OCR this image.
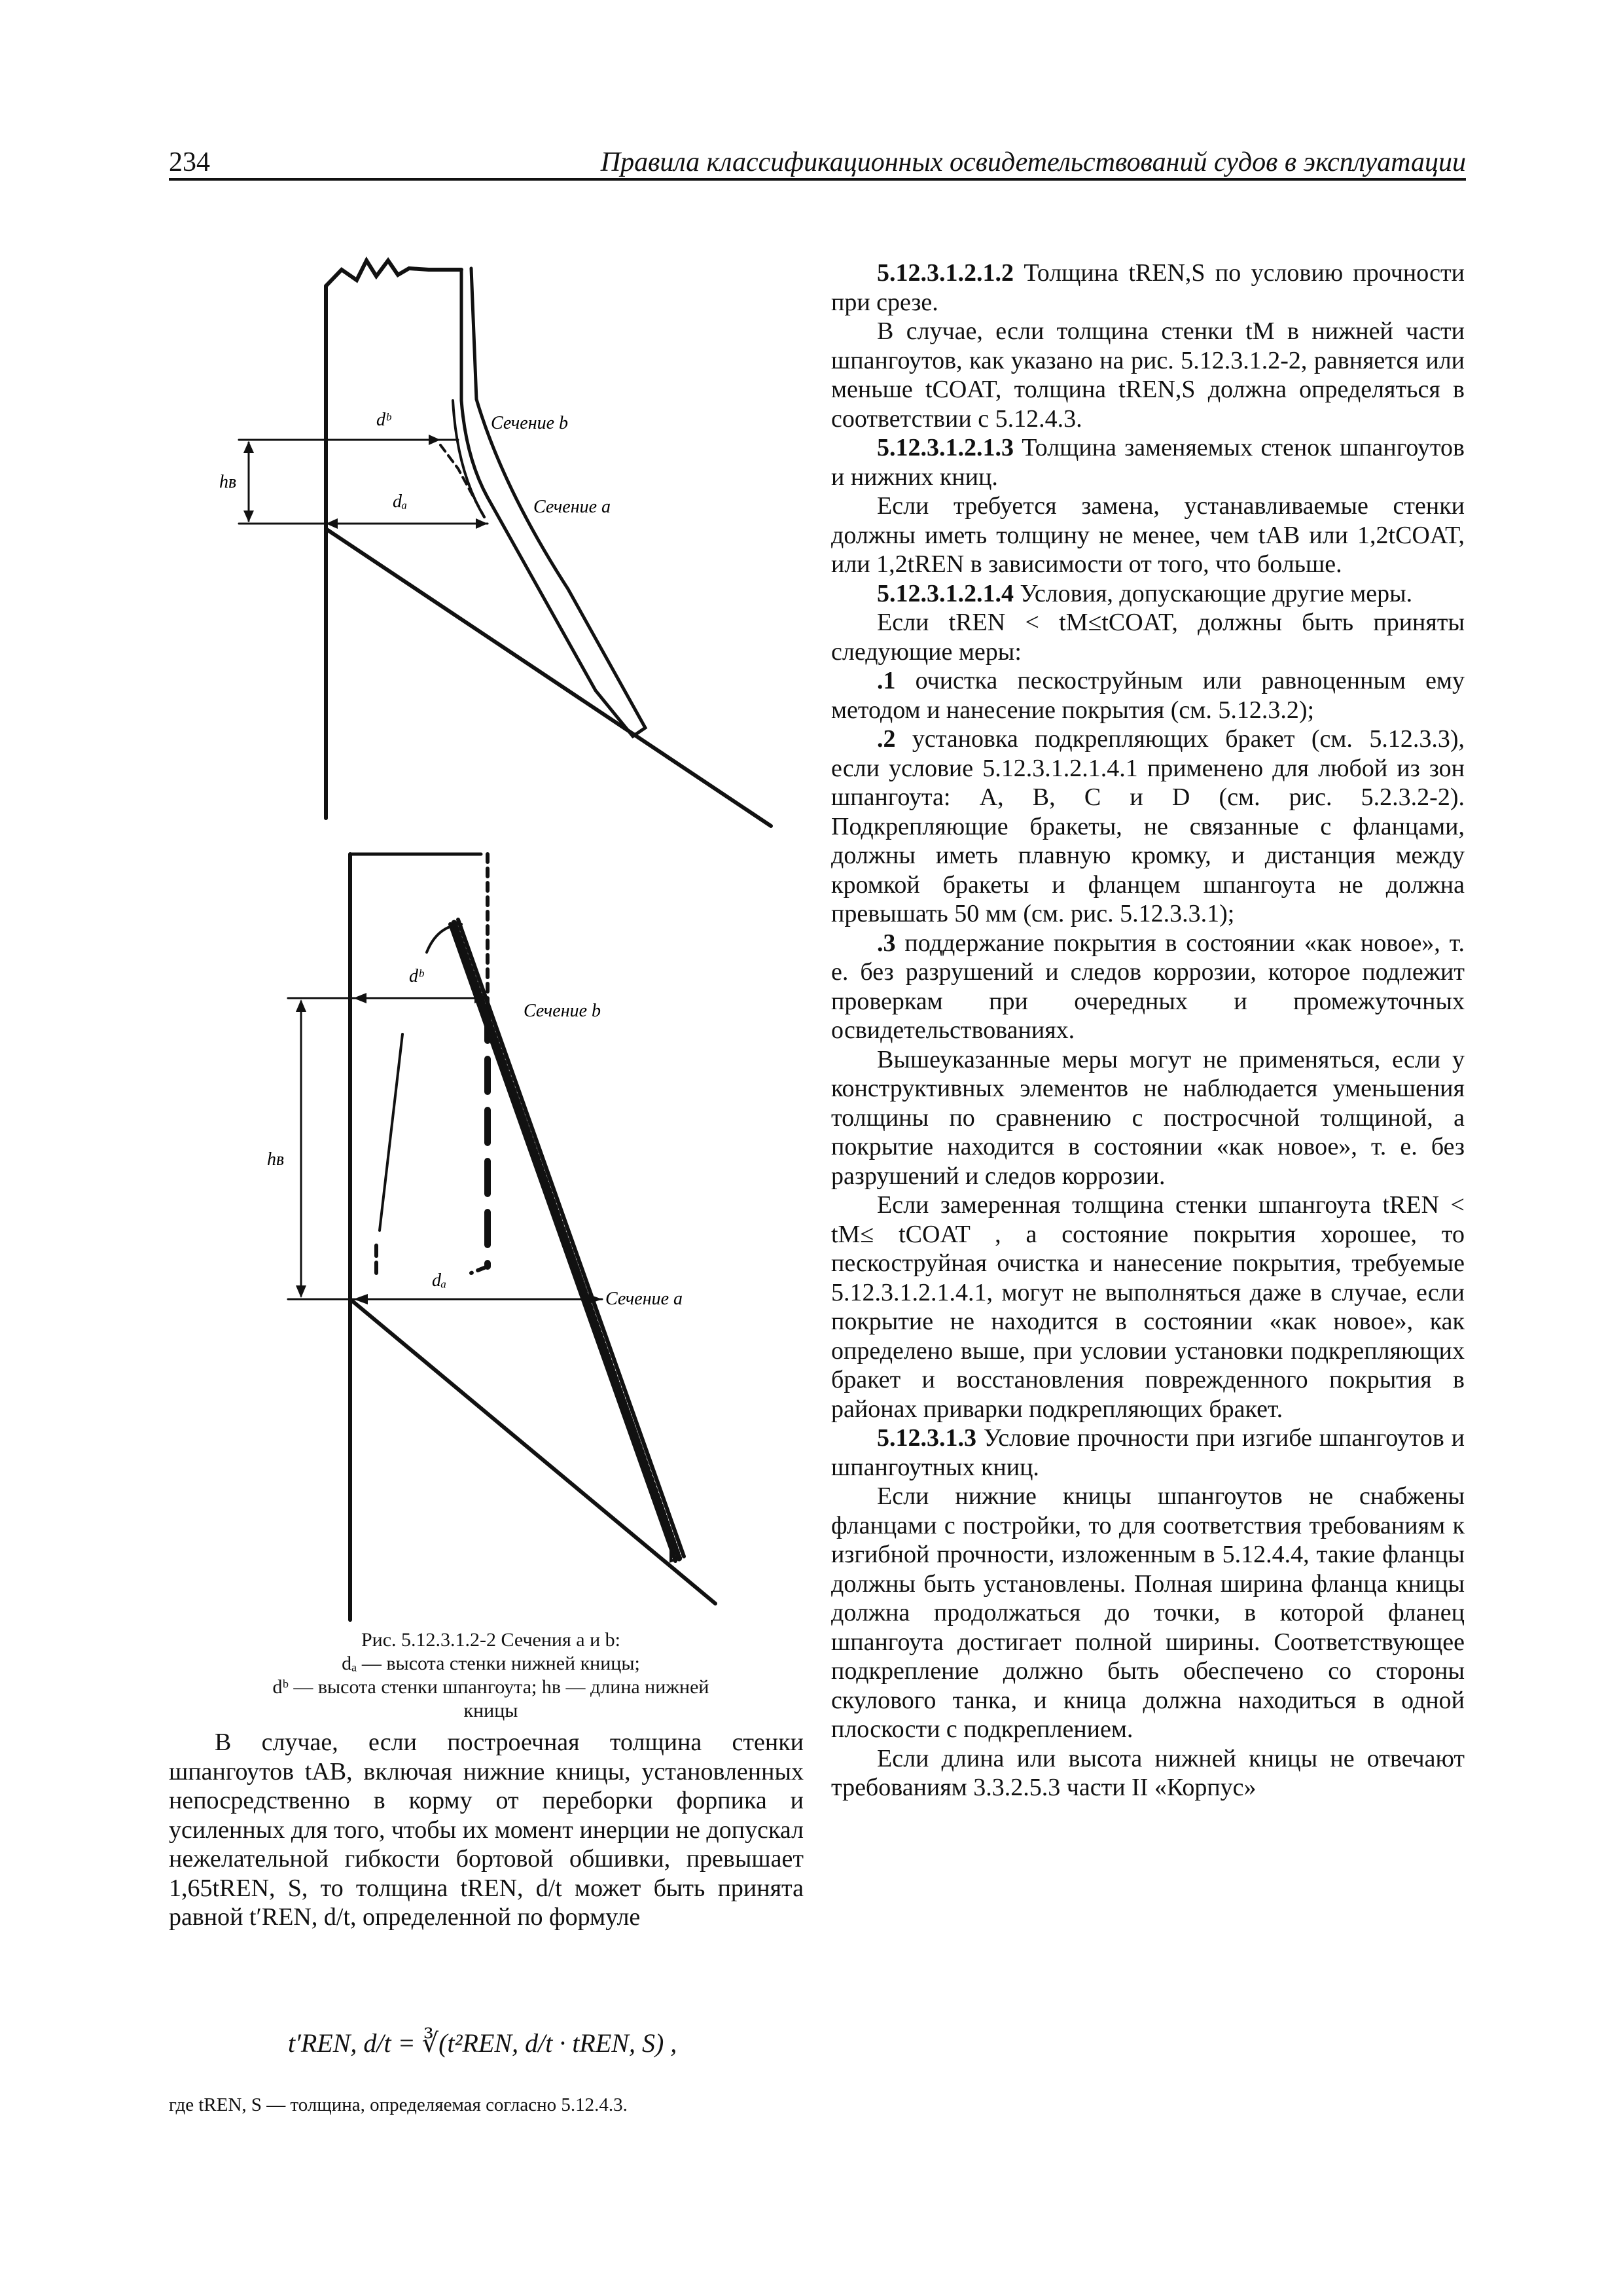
234	Правила классификационных освидетельствований судов в эксплуатации
dᵇ
dₐ
hʙ
Сечение b
Сечение a
dᵇ
dₐ
hʙ
Сечение b
Сечение a
Рис. 5.12.3.1.2-2 Сечения a и b:
dₐ — высота стенки нижней кницы;
dᵇ — высота стенки шпангоута; hʙ — длина нижней кницы

В случае, если построечная толщина стенки шпангоутов tAB, включая нижние кницы, установленных непосредственно в корму от переборки форпика и усиленных для того, чтобы их момент инерции не допускал нежелательной гибкости бортовой обшивки, превышает 1,65tREN, S, то толщина tREN, d/t может быть принята равной t′REN, d/t, определенной по формуле

t′REN, d/t = ∛(t²REN, d/t · tREN, S) ,
где tREN, S — толщина, определяемая согласно 5.12.4.3.

5.12.3.1.2.1.2 Толщина tREN,S по условию прочности при срезе.

В случае, если толщина стенки tM в нижней части шпангоутов, как указано на рис. 5.12.3.1.2-2, равняется или меньше tCOAT, толщина tREN,S должна определяться в соответствии с 5.12.4.3.

5.12.3.1.2.1.3 Толщина заменяемых стенок шпангоутов и нижних книц.

Если требуется замена, устанавливаемые стенки должны иметь толщину не менее, чем tAB или 1,2tCOAT, или 1,2tREN в зависимости от того, что больше.

5.12.3.1.2.1.4 Условия, допускающие другие меры.

Если tREN < tM≤tCOAT, должны быть приняты следующие меры:

.1 очистка пескоструйным или равноценным ему методом и нанесение покрытия (см. 5.12.3.2);

.2 установка подкрепляющих бракет (см. 5.12.3.3), если условие 5.12.3.1.2.1.4.1 применено для любой из зон шпангоута: A, B, C и D (см. рис. 5.2.3.2-2). Подкрепляющие бракеты, не связанные с фланцами, должны иметь плавную кромку, и дистанция между кромкой бракеты и фланцем шпангоута не должна превышать 50 мм (см. рис. 5.12.3.3.1);

.3 поддержание покрытия в состоянии «как новое», т. е. без разрушений и следов коррозии, которое подлежит проверкам при очередных и промежуточных освидетельствованиях.

Вышеуказанные меры могут не применяться, если у конструктивных элементов не наблюдается уменьшения толщины по сравнению с постросчной толщиной, а покрытие находится в состоянии «как новое», т. е. без разрушений и следов коррозии.

Если замеренная толщина стенки шпангоута tREN < tM≤ tCOAT , а состояние покрытия хорошее, то пескоструйная очистка и нанесение покрытия, требуемые 5.12.3.1.2.1.4.1, могут не выполняться даже в случае, если покрытие не находится в состоянии «как новое», как определено выше, при условии установки подкрепляющих бракет и восстановления поврежденного покрытия в районах приварки подкрепляющих бракет.

5.12.3.1.3 Условие прочности при изгибе шпангоутов и шпангоутных книц.

Если нижние кницы шпангоутов не снабжены фланцами с постройки, то для соответствия требованиям к изгибной прочности, изложенным в 5.12.4.4, такие фланцы должны быть установлены. Полная ширина фланца кницы должна продолжаться до точки, в которой фланец шпангоута достигает полной ширины. Соответствующее подкрепление должно быть обеспечено со стороны скулового танка, и кница должна находиться в одной плоскости с подкреплением.

Если длина или высота нижней кницы не отвечают требованиям 3.3.2.5.3 части II «Корпус»
